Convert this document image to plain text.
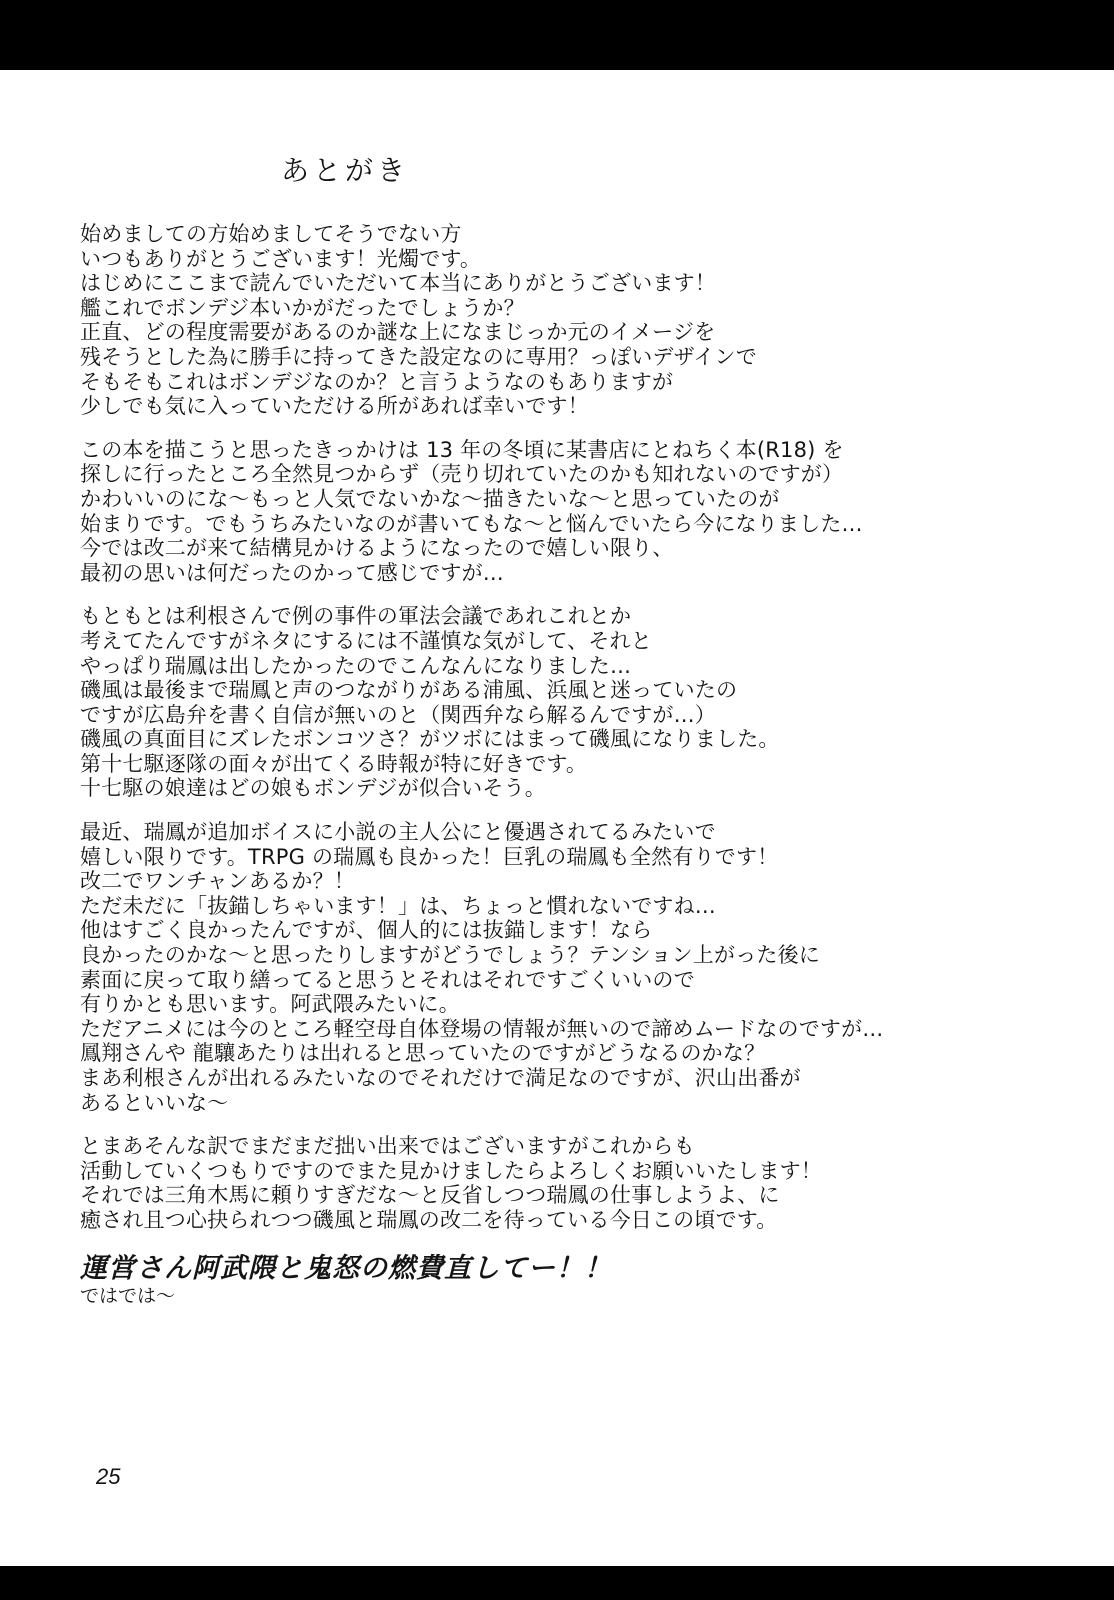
あとがき
始めましての方始めましてそうでない方
いつもありがとうございます！光燭です。
はじめにここまで読んでいただいて本当にありがとうございます！
艦これでボンデジ本いかがだったでしょうか？
正直、どの程度需要があるのか謎な上になまじっか元のイメージを
残そうとした為に勝手に持ってきた設定なのに専用？っぽいデザインで
そもそもこれはボンデジなのか？と言うようなのもありますが
少しでも気に入っていただける所があれば幸いです！
この本を描こうと思ったきっかけは 13 年の冬頃に某書店にとねちく本(R18) を
探しに行ったところ全然見つからず（売り切れていたのかも知れないのですが）
かわいいのにな～もっと人気でないかな～描きたいな～と思っていたのが
始まりです。でもうちみたいなのが書いてもな～と悩んでいたら今になりました…
今では改二が来て結構見かけるようになったので嬉しい限り、
最初の思いは何だったのかって感じですが…
もともとは利根さんで例の事件の軍法会議であれこれとか
考えてたんですがネタにするには不謹慎な気がして、それと
やっぱり瑞鳳は出したかったのでこんなんになりました…
磯風は最後まで瑞鳳と声のつながりがある浦風、浜風と迷っていたの
ですが広島弁を書く自信が無いのと（関西弁なら解るんですが…）
磯風の真面目にズレたボンコツさ？がツボにはまって磯風になりました。
第十七駆逐隊の面々が出てくる時報が特に好きです。
十七駆の娘達はどの娘もボンデジが似合いそう。
最近、瑞鳳が追加ボイスに小説の主人公にと優遇されてるみたいで
嬉しい限りです。TRPG の瑞鳳も良かった！巨乳の瑞鳳も全然有りです！
改二でワンチャンあるか？！
ただ未だに「抜錨しちゃいます！」は、ちょっと慣れないですね…
他はすごく良かったんですが、個人的には抜錨します！なら
良かったのかな～と思ったりしますがどうでしょう？テンション上がった後に
素面に戻って取り繕ってると思うとそれはそれですごくいいので
有りかとも思います。阿武隈みたいに。
ただアニメには今のところ軽空母自体登場の情報が無いので諦めムードなのですが…
鳳翔さんや 龍驤あたりは出れると思っていたのですがどうなるのかな？
まあ利根さんが出れるみたいなのでそれだけで満足なのですが、沢山出番が
あるといいな～
とまあそんな訳でまだまだ拙い出来ではございますがこれからも
活動していくつもりですのでまた見かけましたらよろしくお願いいたします！
それでは三角木馬に頼りすぎだな～と反省しつつ瑞鳳の仕事しようよ、に
癒され且つ心抉られつつ磯風と瑞鳳の改二を待っている今日この頃です。
運営さん阿武隈と鬼怒の燃費直してー！！
ではでは～
25
